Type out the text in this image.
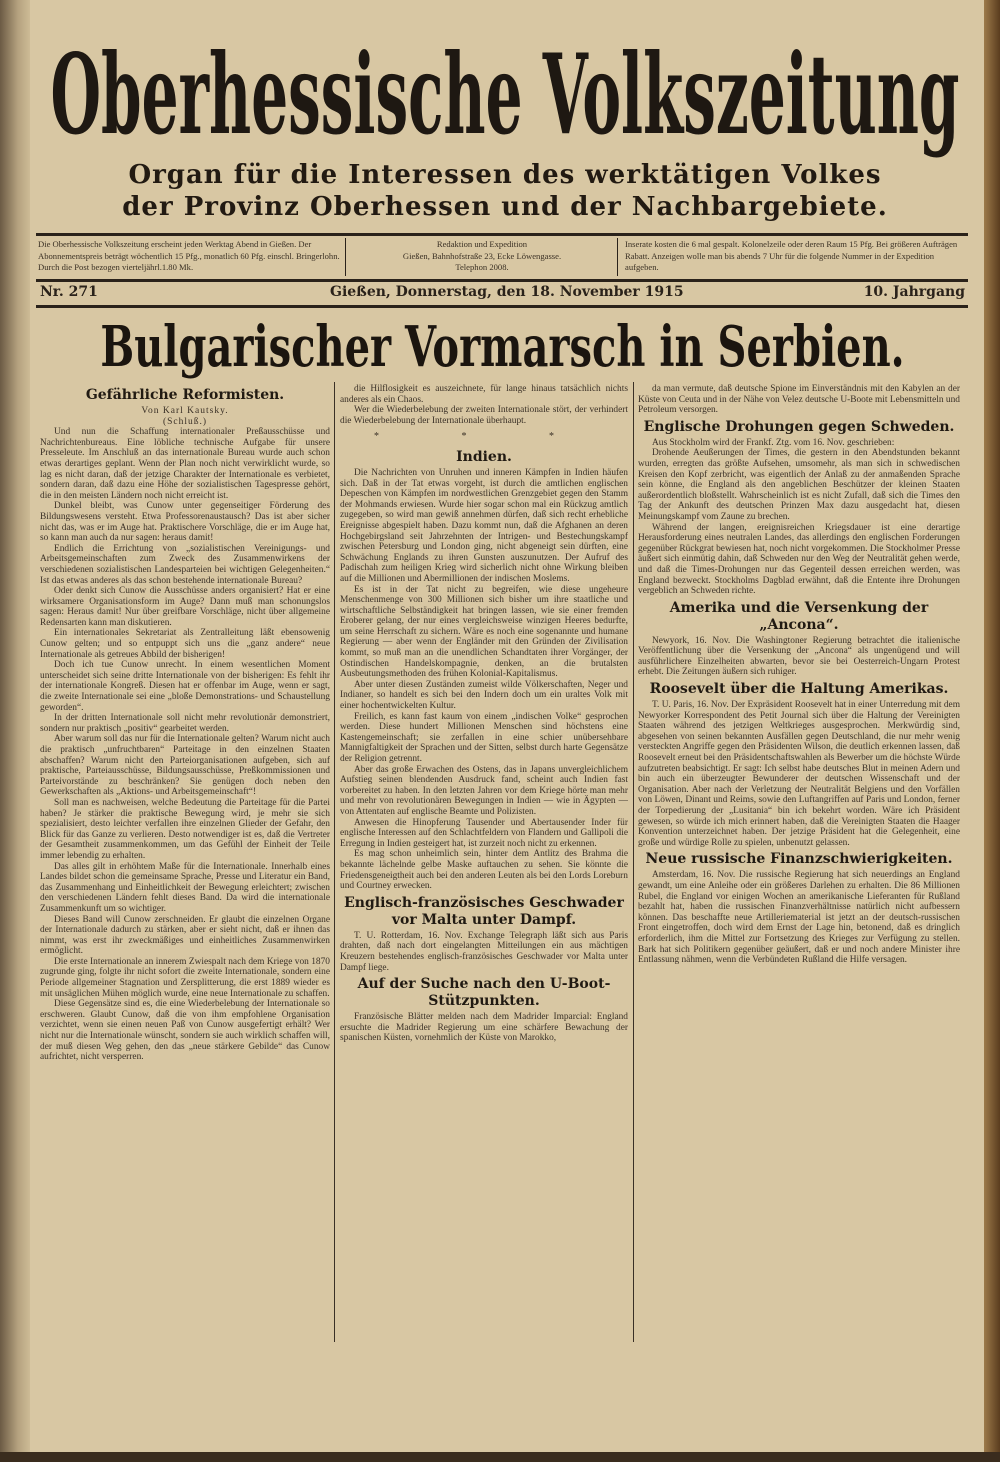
Oberhessische Volkszeitung
Organ für die Interessen des werktätigen Volkes
der Provinz Oberhessen und der Nachbargebiete.
Die Oberhessische Volkszeitung erscheint jeden Werktag Abend in Gießen. Der Abonnementspreis beträgt wöchentlich 15 Pfg., monatlich 60 Pfg. einschl. Bringerlohn. Durch die Post bezogen vierteljährl.1.80 Mk.
Redaktion und Expedition
Gießen, Bahnhofstraße 23, Ecke Löwengasse.
Telephon 2008.
Inserate kosten die 6 mal gespalt. Kolonelzeile oder deren Raum 15 Pfg. Bei größeren Aufträgen Rabatt. Anzeigen wolle man bis abends 7 Uhr für die folgende Nummer in der Expedition aufgeben.
Nr. 271	Gießen, Donnerstag, den 18. November 1915	10. Jahrgang
Bulgarischer Vormarsch in Serbien.
Gefährliche Reformisten.
Von Karl Kautsky.
(Schluß.)

Und nun die Schaffung internationaler Preßausschüsse und Nachrichtenbureaus. Eine löbliche technische Aufgabe für unsere Presseleute. Im Anschluß an das internationale Bureau wurde auch schon etwas derartiges geplant. Wenn der Plan noch nicht verwirklicht wurde, so lag es nicht daran, daß der jetzige Charakter der Internationale es verbietet, sondern daran, daß dazu eine Höhe der sozialistischen Tagespresse gehört, die in den meisten Ländern noch nicht erreicht ist.

Dunkel bleibt, was Cunow unter gegenseitiger Förderung des Bildungswesens versteht. Etwa Professorenaustausch? Das ist aber sicher nicht das, was er im Auge hat. Praktischere Vorschläge, die er im Auge hat, so kann man auch da nur sagen: heraus damit!

Endlich die Errichtung von „sozialistischen Vereinigungs- und Arbeitsgemeinschaften zum Zweck des Zusammenwirkens der verschiedenen sozialistischen Landesparteien bei wichtigen Gelegenheiten.“ Ist das etwas anderes als das schon bestehende internationale Bureau?

Oder denkt sich Cunow die Ausschüsse anders organisiert? Hat er eine wirksamere Organisationsform im Auge? Dann muß man schonungslos sagen: Heraus damit! Nur über greifbare Vorschläge, nicht über allgemeine Redensarten kann man diskutieren.

Ein internationales Sekretariat als Zentralleitung läßt ebensowenig Cunow gelten; und so entpuppt sich uns die „ganz andere“ neue Internationale als getreues Abbild der bisherigen!

Doch ich tue Cunow unrecht. In einem wesentlichen Moment unterscheidet sich seine dritte Internationale von der bisherigen: Es fehlt ihr der internationale Kongreß. Diesen hat er offenbar im Auge, wenn er sagt, die zweite Internationale sei eine „bloße Demonstrations- und Schaustellung geworden“.

In der dritten Internationale soll nicht mehr revolutionär demonstriert, sondern nur praktisch „positiv“ gearbeitet werden.

Aber warum soll das nur für die Internationale gelten? Warum nicht auch die praktisch „unfruchtbaren“ Parteitage in den einzelnen Staaten abschaffen? Warum nicht den Parteiorganisationen aufgeben, sich auf praktische, Parteiausschüsse, Bildungsausschüsse, Preßkommissionen und Parteivorstände zu beschränken? Sie genügen doch neben den Gewerkschaften als „Aktions- und Arbeitsgemeinschaft“!

Soll man es nachweisen, welche Bedeutung die Parteitage für die Partei haben? Je stärker die praktische Bewegung wird, je mehr sie sich spezialisiert, desto leichter verfallen ihre einzelnen Glieder der Gefahr, den Blick für das Ganze zu verlieren. Desto notwendiger ist es, daß die Vertreter der Gesamtheit zusammenkommen, um das Gefühl der Einheit der Teile immer lebendig zu erhalten.

Das alles gilt in erhöhtem Maße für die Internationale. Innerhalb eines Landes bildet schon die gemeinsame Sprache, Presse und Literatur ein Band, das Zusammenhang und Einheitlichkeit der Bewegung erleichtert; zwischen den verschiedenen Ländern fehlt dieses Band. Da wird die internationale Zusammenkunft um so wichtiger.

Dieses Band will Cunow zerschneiden. Er glaubt die einzelnen Organe der Internationale dadurch zu stärken, aber er sieht nicht, daß er ihnen das nimmt, was erst ihr zweckmäßiges und einheitliches Zusammenwirken ermöglicht.

Die erste Internationale an innerem Zwiespalt nach dem Kriege von 1870 zugrunde ging, folgte ihr nicht sofort die zweite Internationale, sondern eine Periode allgemeiner Stagnation und Zersplitterung, die erst 1889 wieder es mit unsäglichen Mühen möglich wurde, eine neue Internationale zu schaffen.

Diese Gegensätze sind es, die eine Wiederbelebung der Internationale so erschweren. Glaubt Cunow, daß die von ihm empfohlene Organisation verzichtet, wenn sie einen neuen Paß von Cunow ausgefertigt erhält? Wer nicht nur die Internationale wünscht, sondern sie auch wirklich schaffen will, der muß diesen Weg gehen, den das „neue stärkere Gebilde“ das Cunow aufrichtet, nicht versperren.

die Hilflosigkeit es auszeichnete, für lange hinaus tatsächlich nichts anderes als ein Chaos.

Wer die Wiederbelebung der zweiten Internationale stört, der verhindert die Wiederbelebung der Internationale überhaupt.

* * *
Indien.

Die Nachrichten von Unruhen und inneren Kämpfen in Indien häufen sich. Daß in der Tat etwas vorgeht, ist durch die amtlichen englischen Depeschen von Kämpfen im nordwestlichen Grenzgebiet gegen den Stamm der Mohmands erwiesen. Wurde hier sogar schon mal ein Rückzug amtlich zugegeben, so wird man gewiß annehmen dürfen, daß sich recht erhebliche Ereignisse abgespielt haben. Dazu kommt nun, daß die Afghanen an deren Hochgebirgsland seit Jahrzehnten der Intrigen- und Bestechungskampf zwischen Petersburg und London ging, nicht abgeneigt sein dürften, eine Schwächung Englands zu ihren Gunsten auszunutzen. Der Aufruf des Padischah zum heiligen Krieg wird sicherlich nicht ohne Wirkung bleiben auf die Millionen und Abermillionen der indischen Moslems.

Es ist in der Tat nicht zu begreifen, wie diese ungeheure Menschenmenge von 300 Millionen sich bisher um ihre staatliche und wirtschaftliche Selbständigkeit hat bringen lassen, wie sie einer fremden Eroberer gelang, der nur eines vergleichsweise winzigen Heeres bedurfte, um seine Herrschaft zu sichern. Wäre es noch eine sogenannte und humane Regierung — aber wenn der Engländer mit den Gründen der Zivilisation kommt, so muß man an die unendlichen Schandtaten ihrer Vorgänger, der Ostindischen Handelskompagnie, denken, an die brutalsten Ausbeutungsmethoden des frühen Kolonial-Kapitalismus.

Aber unter diesen Zuständen zumeist wilde Völkerschaften, Neger und Indianer, so handelt es sich bei den Indern doch um ein uraltes Volk mit einer hochentwickelten Kultur.

Freilich, es kann fast kaum von einem „indischen Volke“ gesprochen werden. Diese hundert Millionen Menschen sind höchstens eine Kastengemeinschaft; sie zerfallen in eine schier unübersehbare Mannigfaltigkeit der Sprachen und der Sitten, selbst durch harte Gegensätze der Religion getrennt.

Aber das große Erwachen des Ostens, das in Japans unvergleichlichem Aufstieg seinen blendenden Ausdruck fand, scheint auch Indien fast vorbereitet zu haben. In den letzten Jahren vor dem Kriege hörte man mehr und mehr von revolutionären Bewegungen in Indien — wie in Ägypten — von Attentaten auf englische Beamte und Polizisten.

Anwesen die Hinopferung Tausender und Abertausender Inder für englische Interessen auf den Schlachtfeldern von Flandern und Gallipoli die Erregung in Indien gesteigert hat, ist zurzeit noch nicht zu erkennen.

Es mag schon unheimlich sein, hinter dem Antlitz des Brahma die bekannte lächelnde gelbe Maske auftauchen zu sehen. Sie könnte die Friedensgeneigtheit auch bei den anderen Leuten als bei den Lords Loreburn und Courtney erwecken.

Englisch-französisches Geschwader vor Malta unter Dampf.

T. U. Rotterdam, 16. Nov. Exchange Telegraph läßt sich aus Paris drahten, daß nach dort eingelangten Mitteilungen ein aus mächtigen Kreuzern bestehendes englisch-französisches Geschwader vor Malta unter Dampf liege.

Auf der Suche nach den U-Boot-Stützpunkten.

Französische Blätter melden nach dem Madrider Imparcial: England ersuchte die Madrider Regierung um eine schärfere Bewachung der spanischen Küsten, vornehmlich der Küste von Marokko,

da man vermute, daß deutsche Spione im Einverständnis mit den Kabylen an der Küste von Ceuta und in der Nähe von Velez deutsche U-Boote mit Lebensmitteln und Petroleum versorgen.

Englische Drohungen gegen Schweden.

Aus Stockholm wird der Frankf. Ztg. vom 16. Nov. geschrieben:

Drohende Aeußerungen der Times, die gestern in den Abendstunden bekannt wurden, erregten das größte Aufsehen, umsomehr, als man sich in schwedischen Kreisen den Kopf zerbricht, was eigentlich der Anlaß zu der anmaßenden Sprache sein könne, die England als den angeblichen Beschützer der kleinen Staaten außerordentlich bloßstellt. Wahrscheinlich ist es nicht Zufall, daß sich die Times den Tag der Ankunft des deutschen Prinzen Max dazu ausgedacht hat, diesen Meinungskampf vom Zaune zu brechen.

Während der langen, ereignisreichen Kriegsdauer ist eine derartige Herausforderung eines neutralen Landes, das allerdings den englischen Forderungen gegenüber Rückgrat bewiesen hat, noch nicht vorgekommen. Die Stockholmer Presse äußert sich einmütig dahin, daß Schweden nur den Weg der Neutralität gehen werde, und daß die Times-Drohungen nur das Gegenteil dessen erreichen werden, was England bezweckt. Stockholms Dagblad erwähnt, daß die Entente ihre Drohungen vergeblich an Schweden richte.

Amerika und die Versenkung der „Ancona“.

Newyork, 16. Nov. Die Washingtoner Regierung betrachtet die italienische Veröffentlichung über die Versenkung der „Ancona“ als ungenügend und will ausführlichere Einzelheiten abwarten, bevor sie bei Oesterreich-Ungarn Protest erhebt. Die Zeitungen äußern sich ruhiger.

Roosevelt über die Haltung Amerikas.

T. U. Paris, 16. Nov. Der Expräsident Roosevelt hat in einer Unterredung mit dem Newyorker Korrespondent des Petit Journal sich über die Haltung der Vereinigten Staaten während des jetzigen Weltkrieges ausgesprochen. Merkwürdig sind, abgesehen von seinen bekannten Ausfällen gegen Deutschland, die nur mehr wenig versteckten Angriffe gegen den Präsidenten Wilson, die deutlich erkennen lassen, daß Roosevelt erneut bei den Präsidentschaftswahlen als Bewerber um die höchste Würde aufzutreten beabsichtigt. Er sagt: Ich selbst habe deutsches Blut in meinen Adern und bin auch ein überzeugter Bewunderer der deutschen Wissenschaft und der Organisation. Aber nach der Verletzung der Neutralität Belgiens und den Vorfällen von Löwen, Dinant und Reims, sowie den Luftangriffen auf Paris und London, ferner der Torpedierung der „Lusitania“ bin ich bekehrt worden. Wäre ich Präsident gewesen, so würde ich mich erinnert haben, daß die Vereinigten Staaten die Haager Konvention unterzeichnet haben. Der jetzige Präsident hat die Gelegenheit, eine große und würdige Rolle zu spielen, unbenutzt gelassen.

Neue russische Finanzschwierigkeiten.

Amsterdam, 16. Nov. Die russische Regierung hat sich neuerdings an England gewandt, um eine Anleihe oder ein größeres Darlehen zu erhalten. Die 86 Millionen Rubel, die England vor einigen Wochen an amerikanische Lieferanten für Rußland bezahlt hat, haben die russischen Finanzverhältnisse natürlich nicht aufbessern können. Das beschaffte neue Artilleriematerial ist jetzt an der deutsch-russischen Front eingetroffen, doch wird dem Ernst der Lage hin, betonend, daß es dringlich erforderlich, ihm die Mittel zur Fortsetzung des Krieges zur Verfügung zu stellen. Bark hat sich Politikern gegenüber geäußert, daß er und noch andere Minister ihre Entlassung nähmen, wenn die Verbündeten Rußland die Hilfe versagen.
